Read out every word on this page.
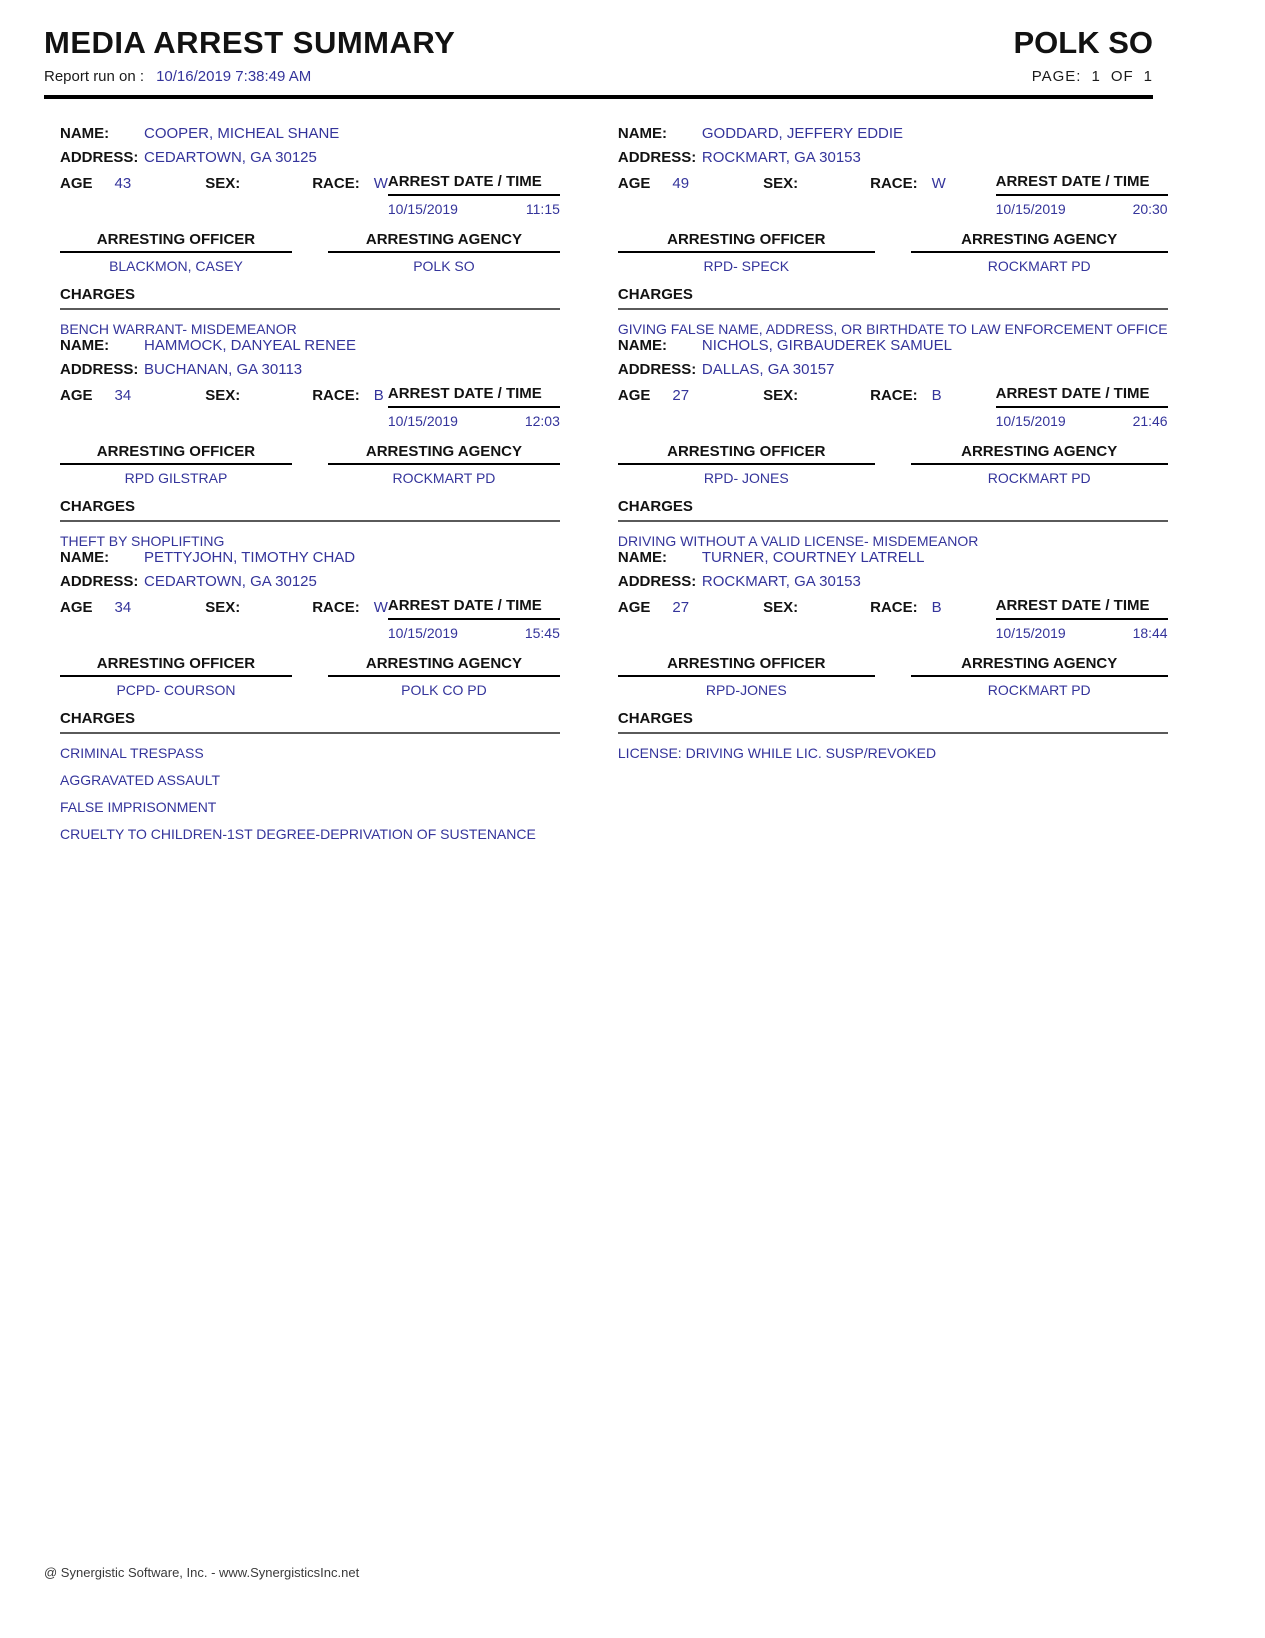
MEDIA ARREST SUMMARY	POLK SO
Report run on : 10/16/2019 7:38:49 AM	PAGE: 1 OF 1
NAME:	COOPER, MICHEAL SHANE
ADDRESS: CEDARTOWN, GA 30125
AGE 43	SEX:	RACE: W ARREST DATE / TIME
10/15/2019	11:15
ARRESTING OFFICER
BLACKMON, CASEY
ARRESTING AGENCY
POLK SO
CHARGES
BENCH WARRANT- MISDEMEANOR
NAME:	GODDARD, JEFFERY EDDIE
ADDRESS: ROCKMART, GA 30153
AGE 49	SEX:	RACE: W	ARREST DATE / TIME
10/15/2019	20:30
ARRESTING OFFICER
RPD- SPECK
ARRESTING AGENCY
ROCKMART PD
CHARGES
GIVING FALSE NAME, ADDRESS, OR BIRTHDATE TO LAW ENFORCEMENT OFFICE
NAME:	HAMMOCK, DANYEAL RENEE
ADDRESS: BUCHANAN, GA 30113
AGE 34	SEX:	RACE: B ARREST DATE / TIME
10/15/2019	12:03
ARRESTING OFFICER
RPD GILSTRAP
ARRESTING AGENCY
ROCKMART PD
CHARGES
THEFT BY SHOPLIFTING
NAME:	NICHOLS, GIRBAUDEREK SAMUEL
ADDRESS: DALLAS, GA 30157
AGE 27	SEX:	RACE: B	ARREST DATE / TIME
10/15/2019	21:46
ARRESTING OFFICER
RPD- JONES
ARRESTING AGENCY
ROCKMART PD
CHARGES
DRIVING WITHOUT A VALID LICENSE- MISDEMEANOR
NAME:	PETTYJOHN, TIMOTHY CHAD
ADDRESS: CEDARTOWN, GA 30125
AGE 34	SEX:	RACE: W ARREST DATE / TIME
10/15/2019	15:45
ARRESTING OFFICER
PCPD- COURSON
ARRESTING AGENCY
POLK CO PD
CHARGES
CRIMINAL TRESPASS
AGGRAVATED ASSAULT
FALSE IMPRISONMENT
CRUELTY TO CHILDREN-1ST DEGREE-DEPRIVATION OF SUSTENANCE
NAME:	TURNER, COURTNEY LATRELL
ADDRESS: ROCKMART, GA 30153
AGE 27	SEX:	RACE: B	ARREST DATE / TIME
10/15/2019	18:44
ARRESTING OFFICER
RPD-JONES
ARRESTING AGENCY
ROCKMART PD
CHARGES
LICENSE: DRIVING WHILE LIC. SUSP/REVOKED
@ Synergistic Software, Inc. - www.SynergisticsInc.net
